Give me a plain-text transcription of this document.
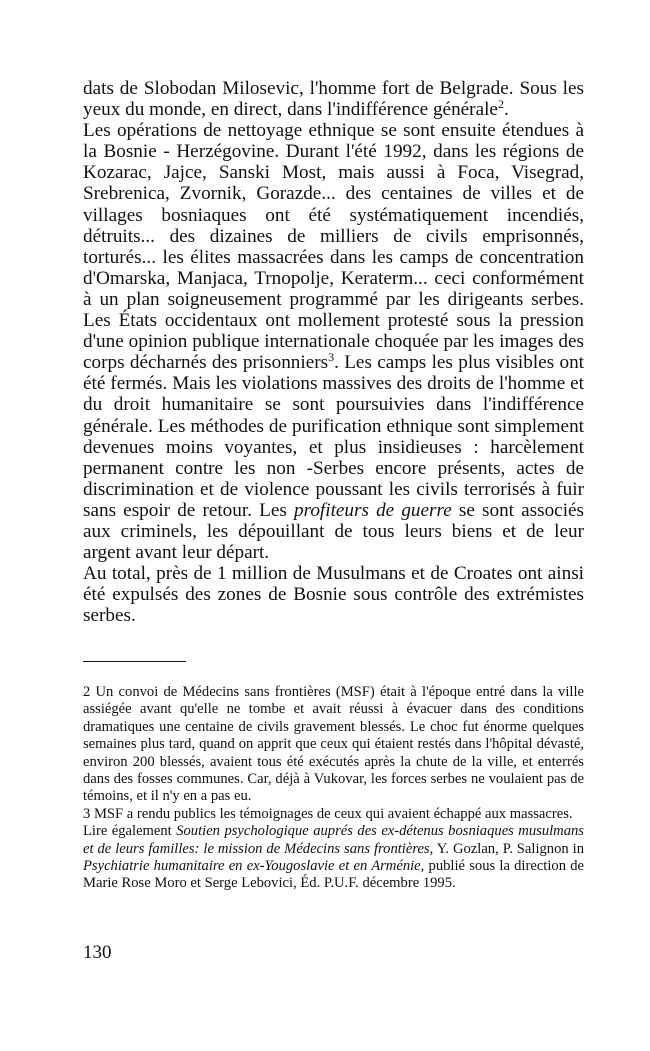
dats de Slobodan Milosevic, l'homme fort de Belgrade. Sous les yeux du monde, en direct, dans l'indifférence générale$^2$.

Les opérations de nettoyage ethnique se sont ensuite étendues à la Bosnie - Herzégovine. Durant l'été 1992, dans les régions de Kozarac, Jajce, Sanski Most, mais aussi à Foca, Visegrad, Srebrenica, Zvornik, Gorazde... des centaines de villes et de villages bosniaques ont été systématiquement incendiés, détruits... des dizaines de milliers de civils emprisonnés, torturés... les élites massacrées dans les camps de concentration d'Omarska, Manjaca, Trnopolje, Keraterm... ceci conformément à un plan soigneusement programmé par les dirigeants serbes. Les États occidentaux ont mollement protesté sous la pression d'une opinion publique internationale choquée par les images des corps décharnés des prisonniers$^3$. Les camps les plus visibles ont été fermés. Mais les violations massives des droits de l'homme et du droit humanitaire se sont poursuivies dans l'indifférence générale. Les méthodes de purification ethnique sont simplement devenues moins voyantes, et plus insidieuses : harcèlement permanent contre les non -Serbes encore présents, actes de discrimination et de violence poussant les civils terrorisés à fuir sans espoir de retour. Les profiteurs de guerre se sont associés aux criminels, les dépouillant de tous leurs biens et de leur argent avant leur départ.

Au total, près de 1 million de Musulmans et de Croates ont ainsi été expulsés des zones de Bosnie sous contrôle des extrémistes serbes.

2 Un convoi de Médecins sans frontières (MSF) était à l'époque entré dans la ville assiégée avant qu'elle ne tombe et avait réussi à évacuer dans des conditions dramatiques une centaine de civils gravement blessés. Le choc fut énorme quelques semaines plus tard, quand on apprit que ceux qui étaient restés dans l'hôpital dévasté, environ 200 blessés, avaient tous été exécutés après la chute de la ville, et enterrés dans des fosses communes. Car, déjà à Vukovar, les forces serbes ne voulaient pas de témoins, et il n'y en a pas eu.

3 MSF a rendu publics les témoignages de ceux qui avaient échappé aux massacres.

Lire également Soutien psychologique auprés des ex-détenus bosniaques musulmans et de leurs familles: le mission de Médecins sans frontières, Y. Gozlan, P. Salignon in Psychiatrie humanitaire en ex-Yougoslavie et en Arménie, publié sous la direction de Marie Rose Moro et Serge Lebovici, Éd. P.U.F. décembre 1995.

130
